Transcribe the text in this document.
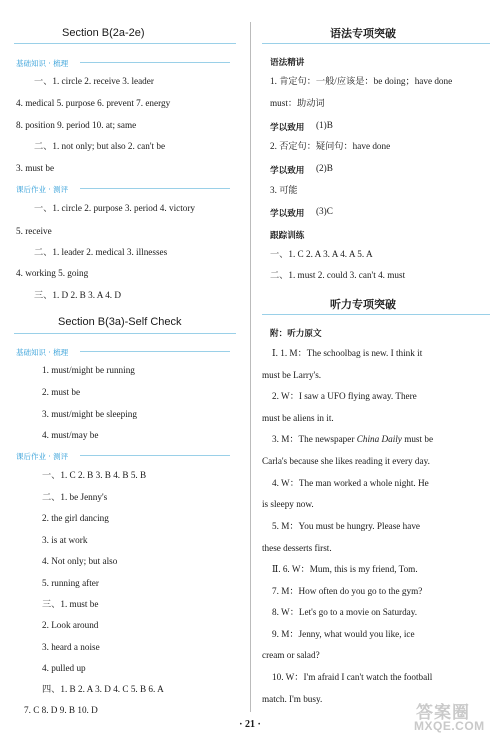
Section B(2a-2e)
基础知识 · 梳理
一、1. circle 2. receive 3. leader
4. medical 5. purpose 6. prevent 7. energy
8. position 9. period 10. at; same
二、1. not only; but also 2. can't be
3. must be
课后作业 · 测评
一、1. circle 2. purpose 3. period 4. victory
5. receive
二、1. leader 2. medical 3. illnesses
4. working 5. going
三、1. D 2. B 3. A 4. D
Section B(3a)-Self Check
基础知识 · 梳理
1. must/might be running
2. must be
3. must/might be sleeping
4. must/may be
课后作业 · 测评
一、1. C 2. B 3. B 4. B 5. B
二、1. be Jenny's
2. the girl dancing
3. is at work
4. Not only; but also
5. running after
三、1. must be
2. Look around
3. heard a noise
4. pulled up
四、1. B 2. A 3. D 4. C 5. B 6. A
7. C 8. D 9. B 10. D
语法专项突破
语法精讲
1. 肯定句：一般/应该是：be doing；have done
must：助动词
学以致用 (1)B
2. 否定句：疑问句：have done
学以致用 (2)B
3. 可能
学以致用 (3)C
跟踪训练
一、1. C 2. A 3. A 4. A 5. A
二、1. must 2. could 3. can't 4. must
听力专项突破
附：听力原文
Ⅰ. 1. M：The schoolbag is new. I think it
must be Larry's.
2. W：I saw a UFO flying away. There
must be aliens in it.
3. M：The newspaper China Daily must be
Carla's because she likes reading it every day.
4. W：The man worked a whole night. He
is sleepy now.
5. M：You must be hungry. Please have
these desserts first.
Ⅱ. 6. W：Mum, this is my friend, Tom.
7. M：How often do you go to the gym?
8. W：Let's go to a movie on Saturday.
9. M：Jenny, what would you like, ice
cream or salad?
10. W：I'm afraid I can't watch the football
match. I'm busy.
· 21 ·
答案圈
MXQE.COM
